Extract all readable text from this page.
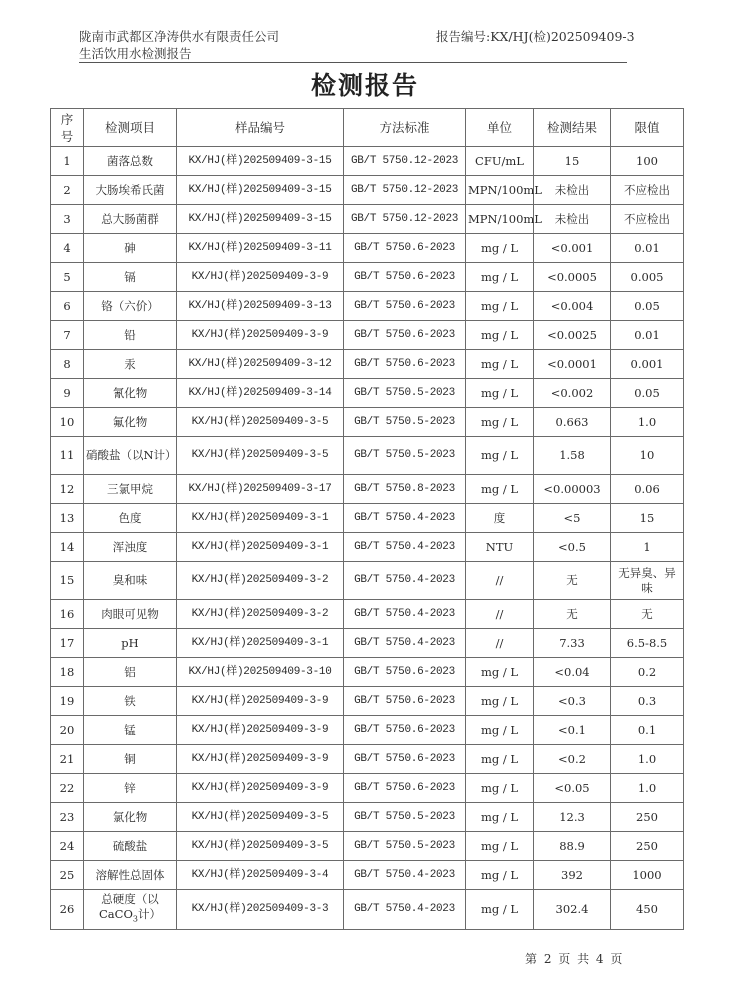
陇南市武都区净涛供水有限责任公司
生活饮用水检测报告
报告编号:KX/HJ(检)202509409-3
检测报告
序
号	检测项目	样品编号	方法标准	单位	检测结果	限值
1	菌落总数	KX/HJ(样)202509409-3-15	GB/T 5750.12-2023	CFU/mL	15	100
2	大肠埃希氏菌	KX/HJ(样)202509409-3-15	GB/T 5750.12-2023	MPN/100mL	未检出	不应检出
3	总大肠菌群	KX/HJ(样)202509409-3-15	GB/T 5750.12-2023	MPN/100mL	未检出	不应检出
4	砷	KX/HJ(样)202509409-3-11	GB/T 5750.6-2023	mg / L	<0.001	0.01
5	镉	KX/HJ(样)202509409-3-9	GB/T 5750.6-2023	mg / L	<0.0005	0.005
6	铬（六价）	KX/HJ(样)202509409-3-13	GB/T 5750.6-2023	mg / L	<0.004	0.05
7	铅	KX/HJ(样)202509409-3-9	GB/T 5750.6-2023	mg / L	<0.0025	0.01
8	汞	KX/HJ(样)202509409-3-12	GB/T 5750.6-2023	mg / L	<0.0001	0.001
9	氰化物	KX/HJ(样)202509409-3-14	GB/T 5750.5-2023	mg / L	<0.002	0.05
10	氟化物	KX/HJ(样)202509409-3-5	GB/T 5750.5-2023	mg / L	0.663	1.0
11	硝酸盐（以N计）	KX/HJ(样)202509409-3-5	GB/T 5750.5-2023	mg / L	1.58	10
12	三氯甲烷	KX/HJ(样)202509409-3-17	GB/T 5750.8-2023	mg / L	<0.00003	0.06
13	色度	KX/HJ(样)202509409-3-1	GB/T 5750.4-2023	度	<5	15
14	浑浊度	KX/HJ(样)202509409-3-1	GB/T 5750.4-2023	NTU	<0.5	1
15	臭和味	KX/HJ(样)202509409-3-2	GB/T 5750.4-2023	//	无	无异臭、异味
16	肉眼可见物	KX/HJ(样)202509409-3-2	GB/T 5750.4-2023	//	无	无
17	pH	KX/HJ(样)202509409-3-1	GB/T 5750.4-2023	//	7.33	6.5-8.5
18	铝	KX/HJ(样)202509409-3-10	GB/T 5750.6-2023	mg / L	<0.04	0.2
19	铁	KX/HJ(样)202509409-3-9	GB/T 5750.6-2023	mg / L	<0.3	0.3
20	锰	KX/HJ(样)202509409-3-9	GB/T 5750.6-2023	mg / L	<0.1	0.1
21	铜	KX/HJ(样)202509409-3-9	GB/T 5750.6-2023	mg / L	<0.2	1.0
22	锌	KX/HJ(样)202509409-3-9	GB/T 5750.6-2023	mg / L	<0.05	1.0
23	氯化物	KX/HJ(样)202509409-3-5	GB/T 5750.5-2023	mg / L	12.3	250
24	硫酸盐	KX/HJ(样)202509409-3-5	GB/T 5750.5-2023	mg / L	88.9	250
25	溶解性总固体	KX/HJ(样)202509409-3-4	GB/T 5750.4-2023	mg / L	392	1000
26	总硬度（以
CaCO$_3$计）	KX/HJ(样)202509409-3-3	GB/T 5750.4-2023	mg / L	302.4	450
第 2 页 共 4 页
